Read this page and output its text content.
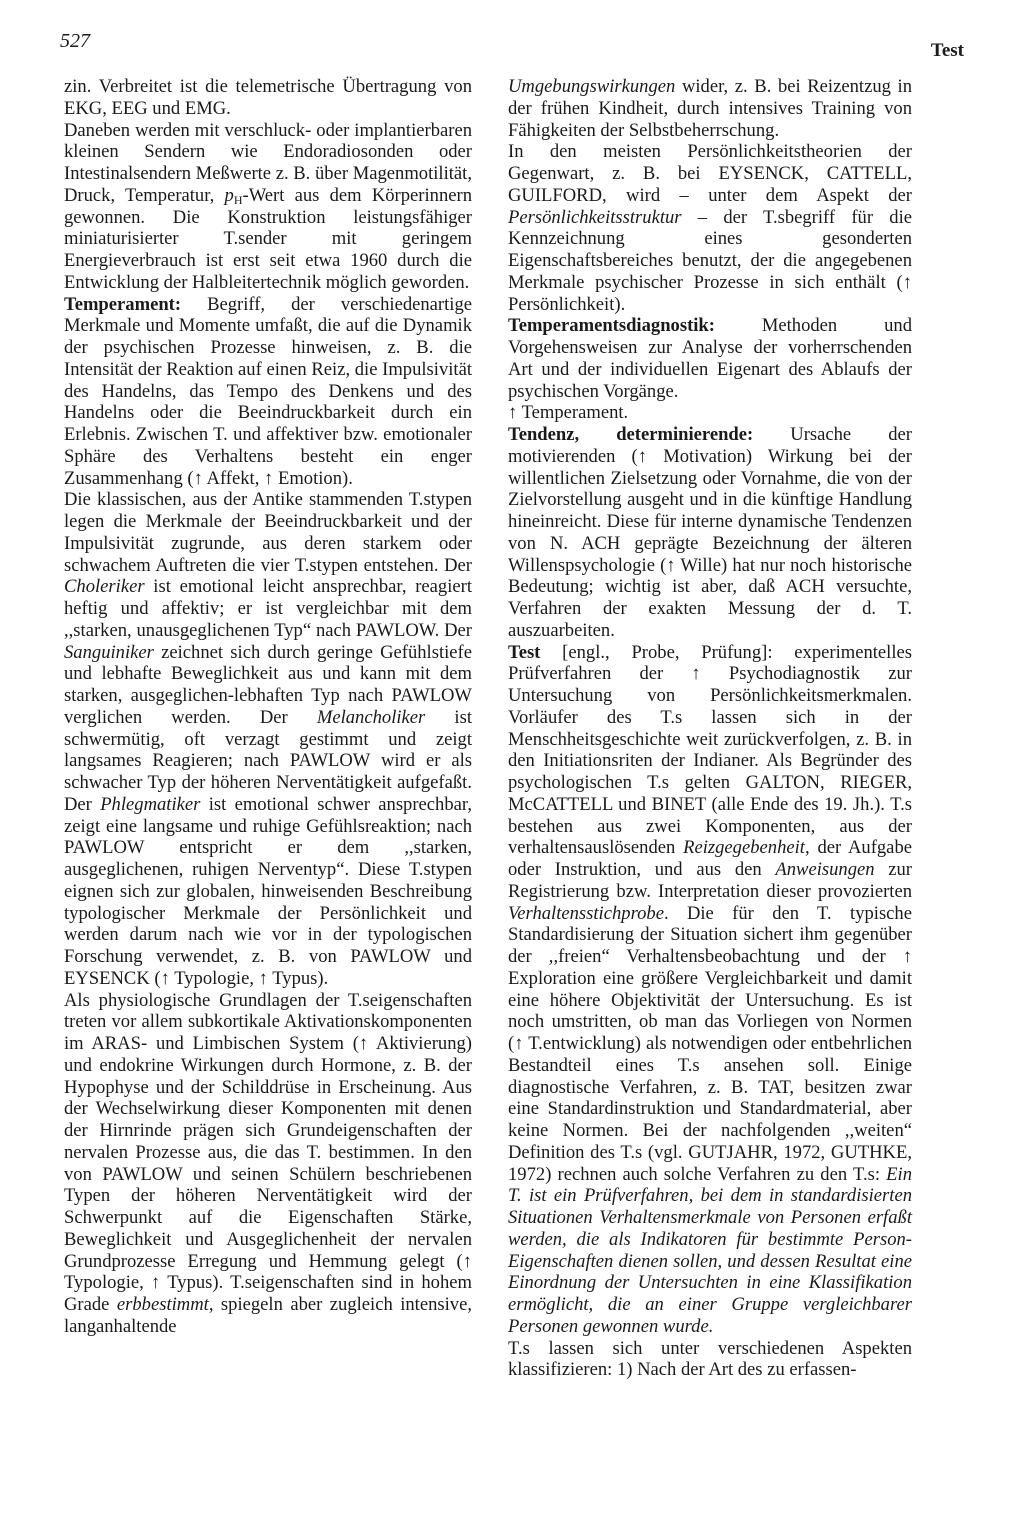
527	Test

zin. Verbreitet ist die telemetrische Übertragung von EKG, EEG und EMG.

Daneben werden mit verschluck- oder implantierbaren kleinen Sendern wie Endoradiosonden oder Intestinalsendern Meßwerte z. B. über Magenmotilität, Druck, Temperatur, $p_H$-Wert aus dem Körperinnern gewonnen. Die Konstruktion leistungsfähiger miniaturisierter T.sender mit geringem Energieverbrauch ist erst seit etwa 1960 durch die Entwicklung der Halbleitertechnik möglich geworden.

Temperament: Begriff, der verschiedenartige Merkmale und Momente umfaßt, die auf die Dynamik der psychischen Prozesse hinweisen, z. B. die Intensität der Reaktion auf einen Reiz, die Impulsivität des Handelns, das Tempo des Denkens und des Handelns oder die Beeindruckbarkeit durch ein Erlebnis. Zwischen T. und affektiver bzw. emotionaler Sphäre des Verhaltens besteht ein enger Zusammenhang (↑ Affekt, ↑ Emotion).

Die klassischen, aus der Antike stammenden T.stypen legen die Merkmale der Beeindruckbarkeit und der Impulsivität zugrunde, aus deren starkem oder schwachem Auftreten die vier T.stypen entstehen. Der Choleriker ist emotional leicht ansprechbar, reagiert heftig und affektiv; er ist vergleichbar mit dem ,,starken, unausgeglichenen Typ“ nach PAWLOW. Der Sanguiniker zeichnet sich durch geringe Gefühlstiefe und lebhafte Beweglichkeit aus und kann mit dem starken, ausgeglichen-lebhaften Typ nach PAWLOW verglichen werden. Der Melancholiker ist schwermütig, oft verzagt gestimmt und zeigt langsames Reagieren; nach PAWLOW wird er als schwacher Typ der höheren Nerventätigkeit aufgefaßt. Der Phlegmatiker ist emotional schwer ansprechbar, zeigt eine langsame und ruhige Gefühlsreaktion; nach PAWLOW entspricht er dem ,,starken, ausgeglichenen, ruhigen Nerventyp“. Diese T.stypen eignen sich zur globalen, hinweisenden Beschreibung typologischer Merkmale der Persönlichkeit und werden darum nach wie vor in der typologischen Forschung verwendet, z. B. von PAWLOW und EYSENCK (↑ Typologie, ↑ Typus).

Als physiologische Grundlagen der T.seigenschaften treten vor allem subkortikale Aktivationskomponenten im ARAS- und Limbischen System (↑ Aktivierung) und endokrine Wirkungen durch Hormone, z. B. der Hypophyse und der Schilddrüse in Erscheinung. Aus der Wechselwirkung dieser Komponenten mit denen der Hirnrinde prägen sich Grundeigenschaften der nervalen Prozesse aus, die das T. bestimmen. In den von PAWLOW und seinen Schülern beschriebenen Typen der höheren Nerventätigkeit wird der Schwerpunkt auf die Eigenschaften Stärke, Beweglichkeit und Ausgeglichenheit der nervalen Grundprozesse Erregung und Hemmung gelegt (↑ Typologie, ↑ Typus). T.seigenschaften sind in hohem Grade erbbestimmt, spiegeln aber zugleich intensive, langanhaltende

Umgebungswirkungen wider, z. B. bei Reizentzug in der frühen Kindheit, durch intensives Training von Fähigkeiten der Selbstbeherrschung.

In den meisten Persönlichkeitstheorien der Gegenwart, z. B. bei EYSENCK, CATTELL, GUILFORD, wird – unter dem Aspekt der Persönlichkeitsstruktur – der T.sbegriff für die Kennzeichnung eines gesonderten Eigenschaftsbereiches benutzt, der die angegebenen Merkmale psychischer Prozesse in sich enthält (↑ Persönlichkeit).

Temperamentsdiagnostik: Methoden und Vorgehensweisen zur Analyse der vorherrschenden Art und der individuellen Eigenart des Ablaufs der psychischen Vorgänge.

↑ Temperament.

Tendenz, determinierende: Ursache der motivierenden (↑ Motivation) Wirkung bei der willentlichen Zielsetzung oder Vornahme, die von der Zielvorstellung ausgeht und in die künftige Handlung hineinreicht. Diese für interne dynamische Tendenzen von N. ACH geprägte Bezeichnung der älteren Willenspsychologie (↑ Wille) hat nur noch historische Bedeutung; wichtig ist aber, daß ACH versuchte, Verfahren der exakten Messung der d. T. auszuarbeiten.

Test [engl., Probe, Prüfung]: experimentelles Prüfverfahren der ↑ Psychodiagnostik zur Untersuchung von Persönlichkeitsmerkmalen. Vorläufer des T.s lassen sich in der Menschheitsgeschichte weit zurückverfolgen, z. B. in den Initiationsriten der Indianer. Als Begründer des psychologischen T.s gelten GALTON, RIEGER, McCATTELL und BINET (alle Ende des 19. Jh.). T.s bestehen aus zwei Komponenten, aus der verhaltensauslösenden Reizgegebenheit, der Aufgabe oder Instruktion, und aus den Anweisungen zur Registrierung bzw. Interpretation dieser provozierten Verhaltensstichprobe. Die für den T. typische Standardisierung der Situation sichert ihm gegenüber der ,,freien“ Verhaltensbeobachtung und der ↑ Exploration eine größere Vergleichbarkeit und damit eine höhere Objektivität der Untersuchung. Es ist noch umstritten, ob man das Vorliegen von Normen (↑ T.entwicklung) als notwendigen oder entbehrlichen Bestandteil eines T.s ansehen soll. Einige diagnostische Verfahren, z. B. TAT, besitzen zwar eine Standardinstruktion und Standardmaterial, aber keine Normen. Bei der nachfolgenden ,,weiten“ Definition des T.s (vgl. GUTJAHR, 1972, GUTHKE, 1972) rechnen auch solche Verfahren zu den T.s: Ein T. ist ein Prüfverfahren, bei dem in standardisierten Situationen Verhaltensmerkmale von Personen erfaßt werden, die als Indikatoren für bestimmte Person-Eigenschaften dienen sollen, und dessen Resultat eine Einordnung der Untersuchten in eine Klassifikation ermöglicht, die an einer Gruppe vergleichbarer Personen gewonnen wurde.

T.s lassen sich unter verschiedenen Aspekten klassifizieren: 1) Nach der Art des zu erfassen-
